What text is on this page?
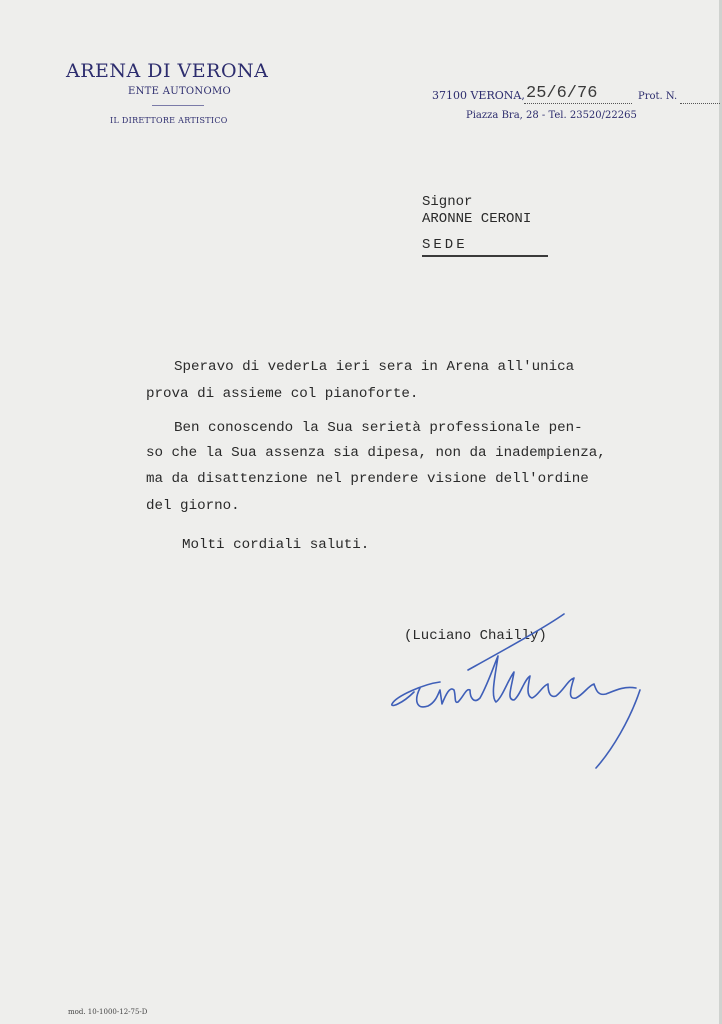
ARENA DI VERONA
ENTE AUTONOMO
IL DIRETTORE ARTISTICO
37100 VERONA, 25/6/76	Prot. N.
Piazza Bra, 28 - Tel. 23520/22265
Signor
ARONNE CERONI
SEDE
Speravo di vederLa ieri sera in Arena all'unica
prova di assieme col pianoforte.
Ben conoscendo la Sua serietà professionale pen-
so che la Sua assenza sia dipesa, non da inadempienza,
ma da disattenzione nel prendere visione dell'ordine
del giorno.
Molti cordiali saluti.
(Luciano Chailly)
mod. 10-1000-12-75-D
